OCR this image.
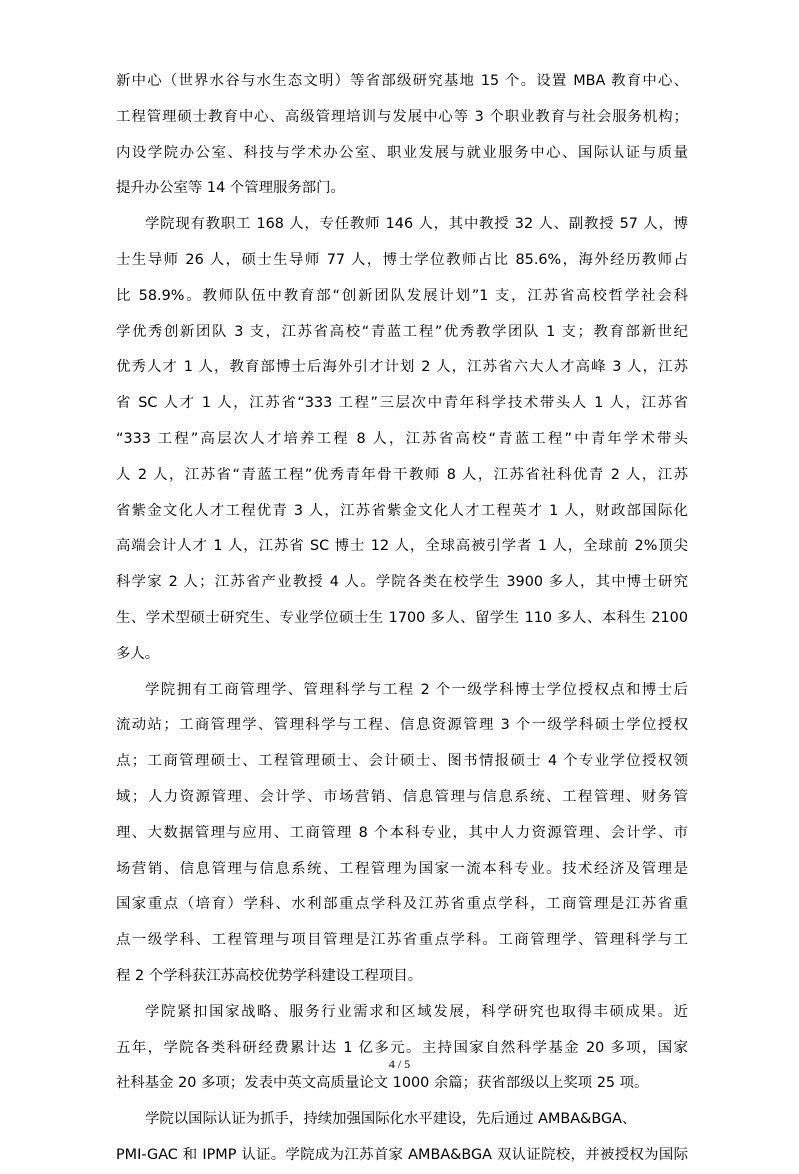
新中心（世界水谷与水生态文明）等省部级研究基地 15 个。设置 MBA 教育中心、
工程管理硕士教育中心、高级管理培训与发展中心等 3 个职业教育与社会服务机构；
内设学院办公室、科技与学术办公室、职业发展与就业服务中心、国际认证与质量
提升办公室等 14 个管理服务部门。
学院现有教职工 168 人，专任教师 146 人，其中教授 32 人、副教授 57 人，博
士生导师 26 人，硕士生导师 77 人，博士学位教师占比 85.6%，海外经历教师占
比 58.9%。教师队伍中教育部“创新团队发展计划”1 支，江苏省高校哲学社会科
学优秀创新团队 3 支，江苏省高校“青蓝工程”优秀教学团队 1 支；教育部新世纪
优秀人才 1 人，教育部博士后海外引才计划 2 人，江苏省六大人才高峰 3 人，江苏
省 SC 人才 1 人，江苏省“333 工程”三层次中青年科学技术带头人 1 人，江苏省
“333 工程”高层次人才培养工程 8 人，江苏省高校“青蓝工程”中青年学术带头
人 2 人，江苏省“青蓝工程”优秀青年骨干教师 8 人，江苏省社科优青 2 人，江苏
省紫金文化人才工程优青 3 人，江苏省紫金文化人才工程英才 1 人，财政部国际化
高端会计人才 1 人，江苏省 SC 博士 12 人，全球高被引学者 1 人，全球前 2%顶尖
科学家 2 人；江苏省产业教授 4 人。学院各类在校学生 3900 多人，其中博士研究
生、学术型硕士研究生、专业学位硕士生 1700 多人、留学生 110 多人、本科生 2100
多人。
学院拥有工商管理学、管理科学与工程 2 个一级学科博士学位授权点和博士后
流动站；工商管理学、管理科学与工程、信息资源管理 3 个一级学科硕士学位授权
点；工商管理硕士、工程管理硕士、会计硕士、图书情报硕士 4 个专业学位授权领
域；人力资源管理、会计学、市场营销、信息管理与信息系统、工程管理、财务管
理、大数据管理与应用、工商管理 8 个本科专业，其中人力资源管理、会计学、市
场营销、信息管理与信息系统、工程管理为国家一流本科专业。技术经济及管理是
国家重点（培育）学科、水利部重点学科及江苏省重点学科，工商管理是江苏省重
点一级学科、工程管理与项目管理是江苏省重点学科。工商管理学、管理科学与工
程 2 个学科获江苏高校优势学科建设工程项目。
学院紧扣国家战略、服务行业需求和区域发展，科学研究也取得丰硕成果。近
五年，学院各类科研经费累计达 1 亿多元。主持国家自然科学基金 20 多项，国家
社科基金 20 多项；发表中英文高质量论文 1000 余篇；获省部级以上奖项 25 项。
学院以国际认证为抓手，持续加强国际化水平建设，先后通过 AMBA&BGA、
PMI-GAC 和 IPMP 认证。学院成为江苏首家 AMBA&BGA 双认证院校，并被授权为国际
4 / 5
